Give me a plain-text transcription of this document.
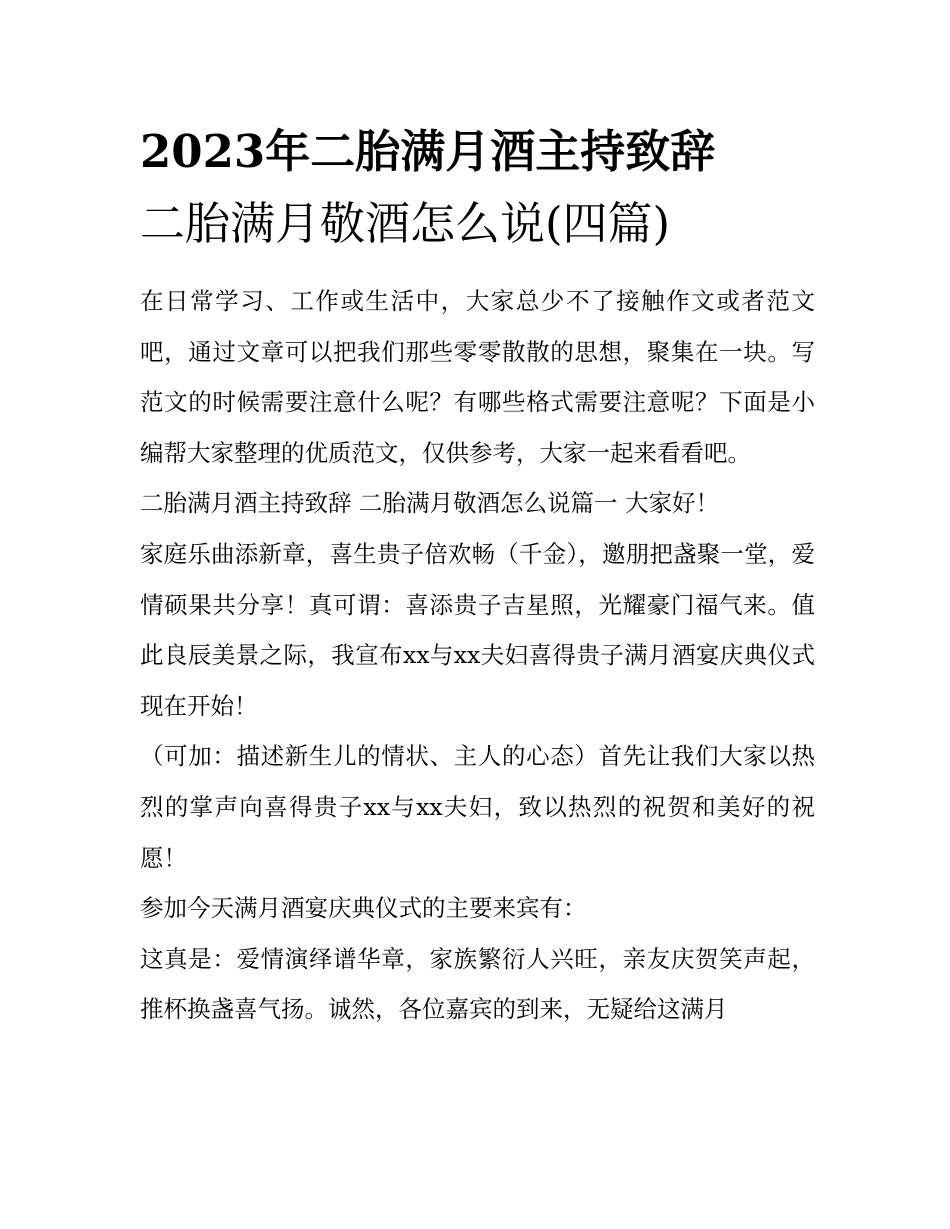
2023年二胎满月酒主持致辞
二胎满月敬酒怎么说(四篇)

在日常学习、工作或生活中，大家总少不了接触作文或者范文吧，通过文章可以把我们那些零零散散的思想，聚集在一块。写范文的时候需要注意什么呢？有哪些格式需要注意呢？下面是小编帮大家整理的优质范文，仅供参考，大家一起来看看吧。

二胎满月酒主持致辞 二胎满月敬酒怎么说篇一 大家好！

家庭乐曲添新章，喜生贵子倍欢畅（千金），邀朋把盏聚一堂，爱情硕果共分享！真可谓：喜添贵子吉星照，光耀豪门福气来。值此良辰美景之际，我宣布xx与xx夫妇喜得贵子满月酒宴庆典仪式现在开始！

（可加：描述新生儿的情状、主人的心态）首先让我们大家以热烈的掌声向喜得贵子xx与xx夫妇，致以热烈的祝贺和美好的祝愿！

参加今天满月酒宴庆典仪式的主要来宾有：

这真是：爱情演绎谱华章，家族繁衍人兴旺，亲友庆贺笑声起，推杯换盏喜气扬。诚然，各位嘉宾的到来，无疑给这满月
